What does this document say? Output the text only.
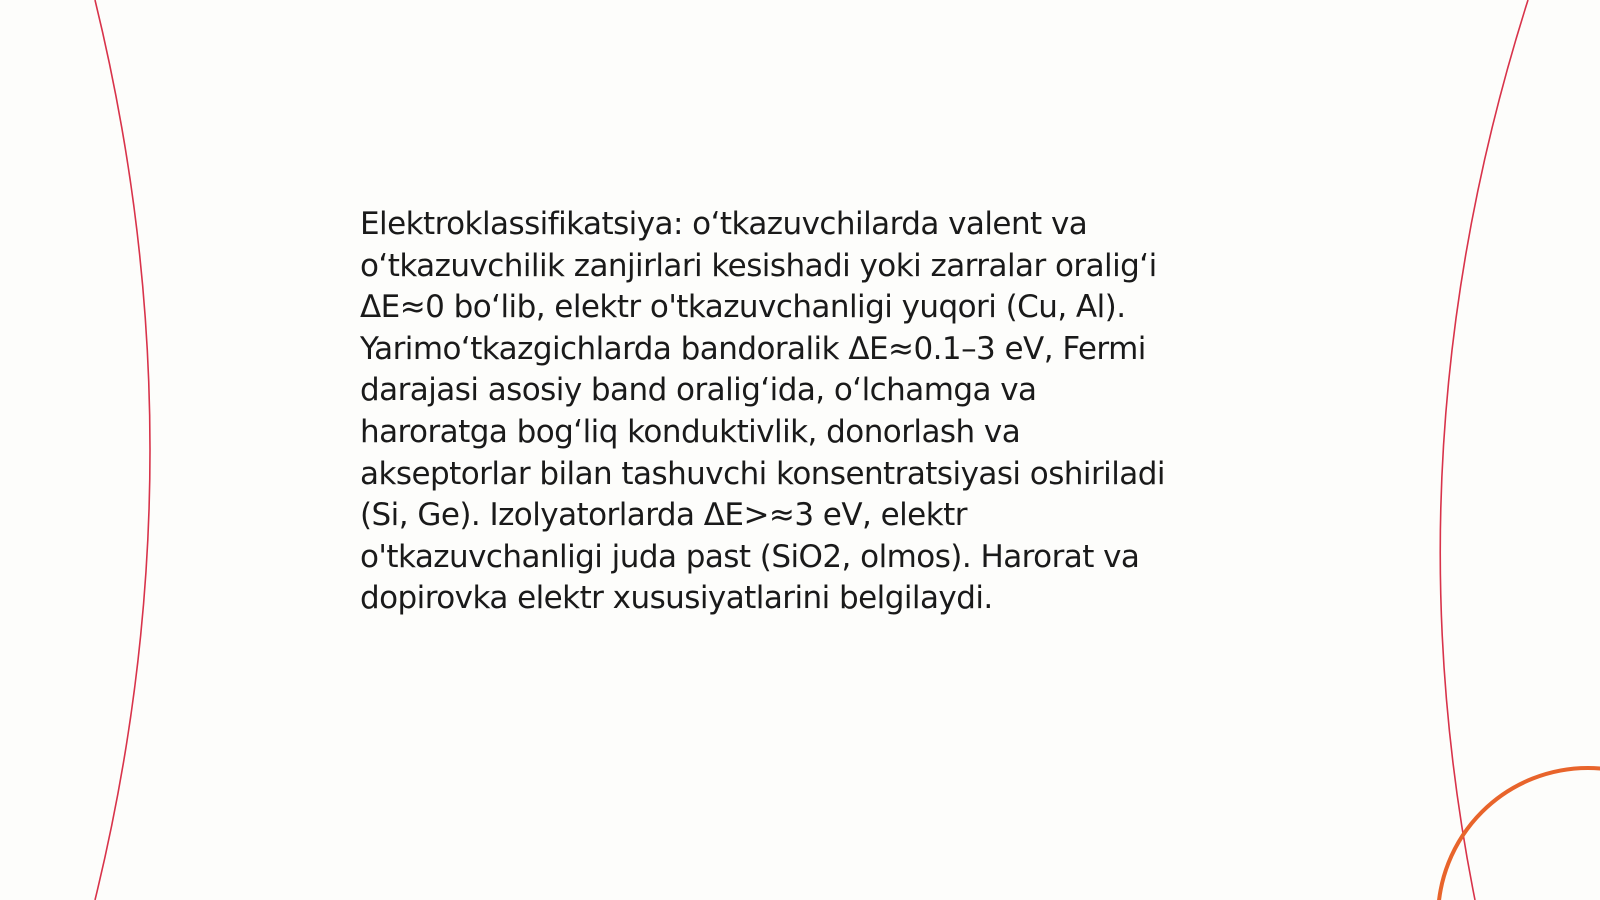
Elektroklassifikatsiya: o‘tkazuvchilarda valent va
o‘tkazuvchilik zanjirlari kesishadi yoki zarralar oralig‘i
ΔE≈0 bo‘lib, elektr o'tkazuvchanligi yuqori (Cu, Al).
Yarimo‘tkazgichlarda bandoralik ΔE≈0.1–3 eV, Fermi
darajasi asosiy band oralig‘ida, o‘lchamga va
haroratga bog‘liq konduktivlik, donorlash va
akseptorlar bilan tashuvchi konsentratsiyasi oshiriladi
(Si, Ge). Izolyatorlarda ΔE>≈3 eV, elektr
o'tkazuvchanligi juda past (SiO2, olmos). Harorat va
dopirovka elektr xususiyatlarini belgilaydi.
